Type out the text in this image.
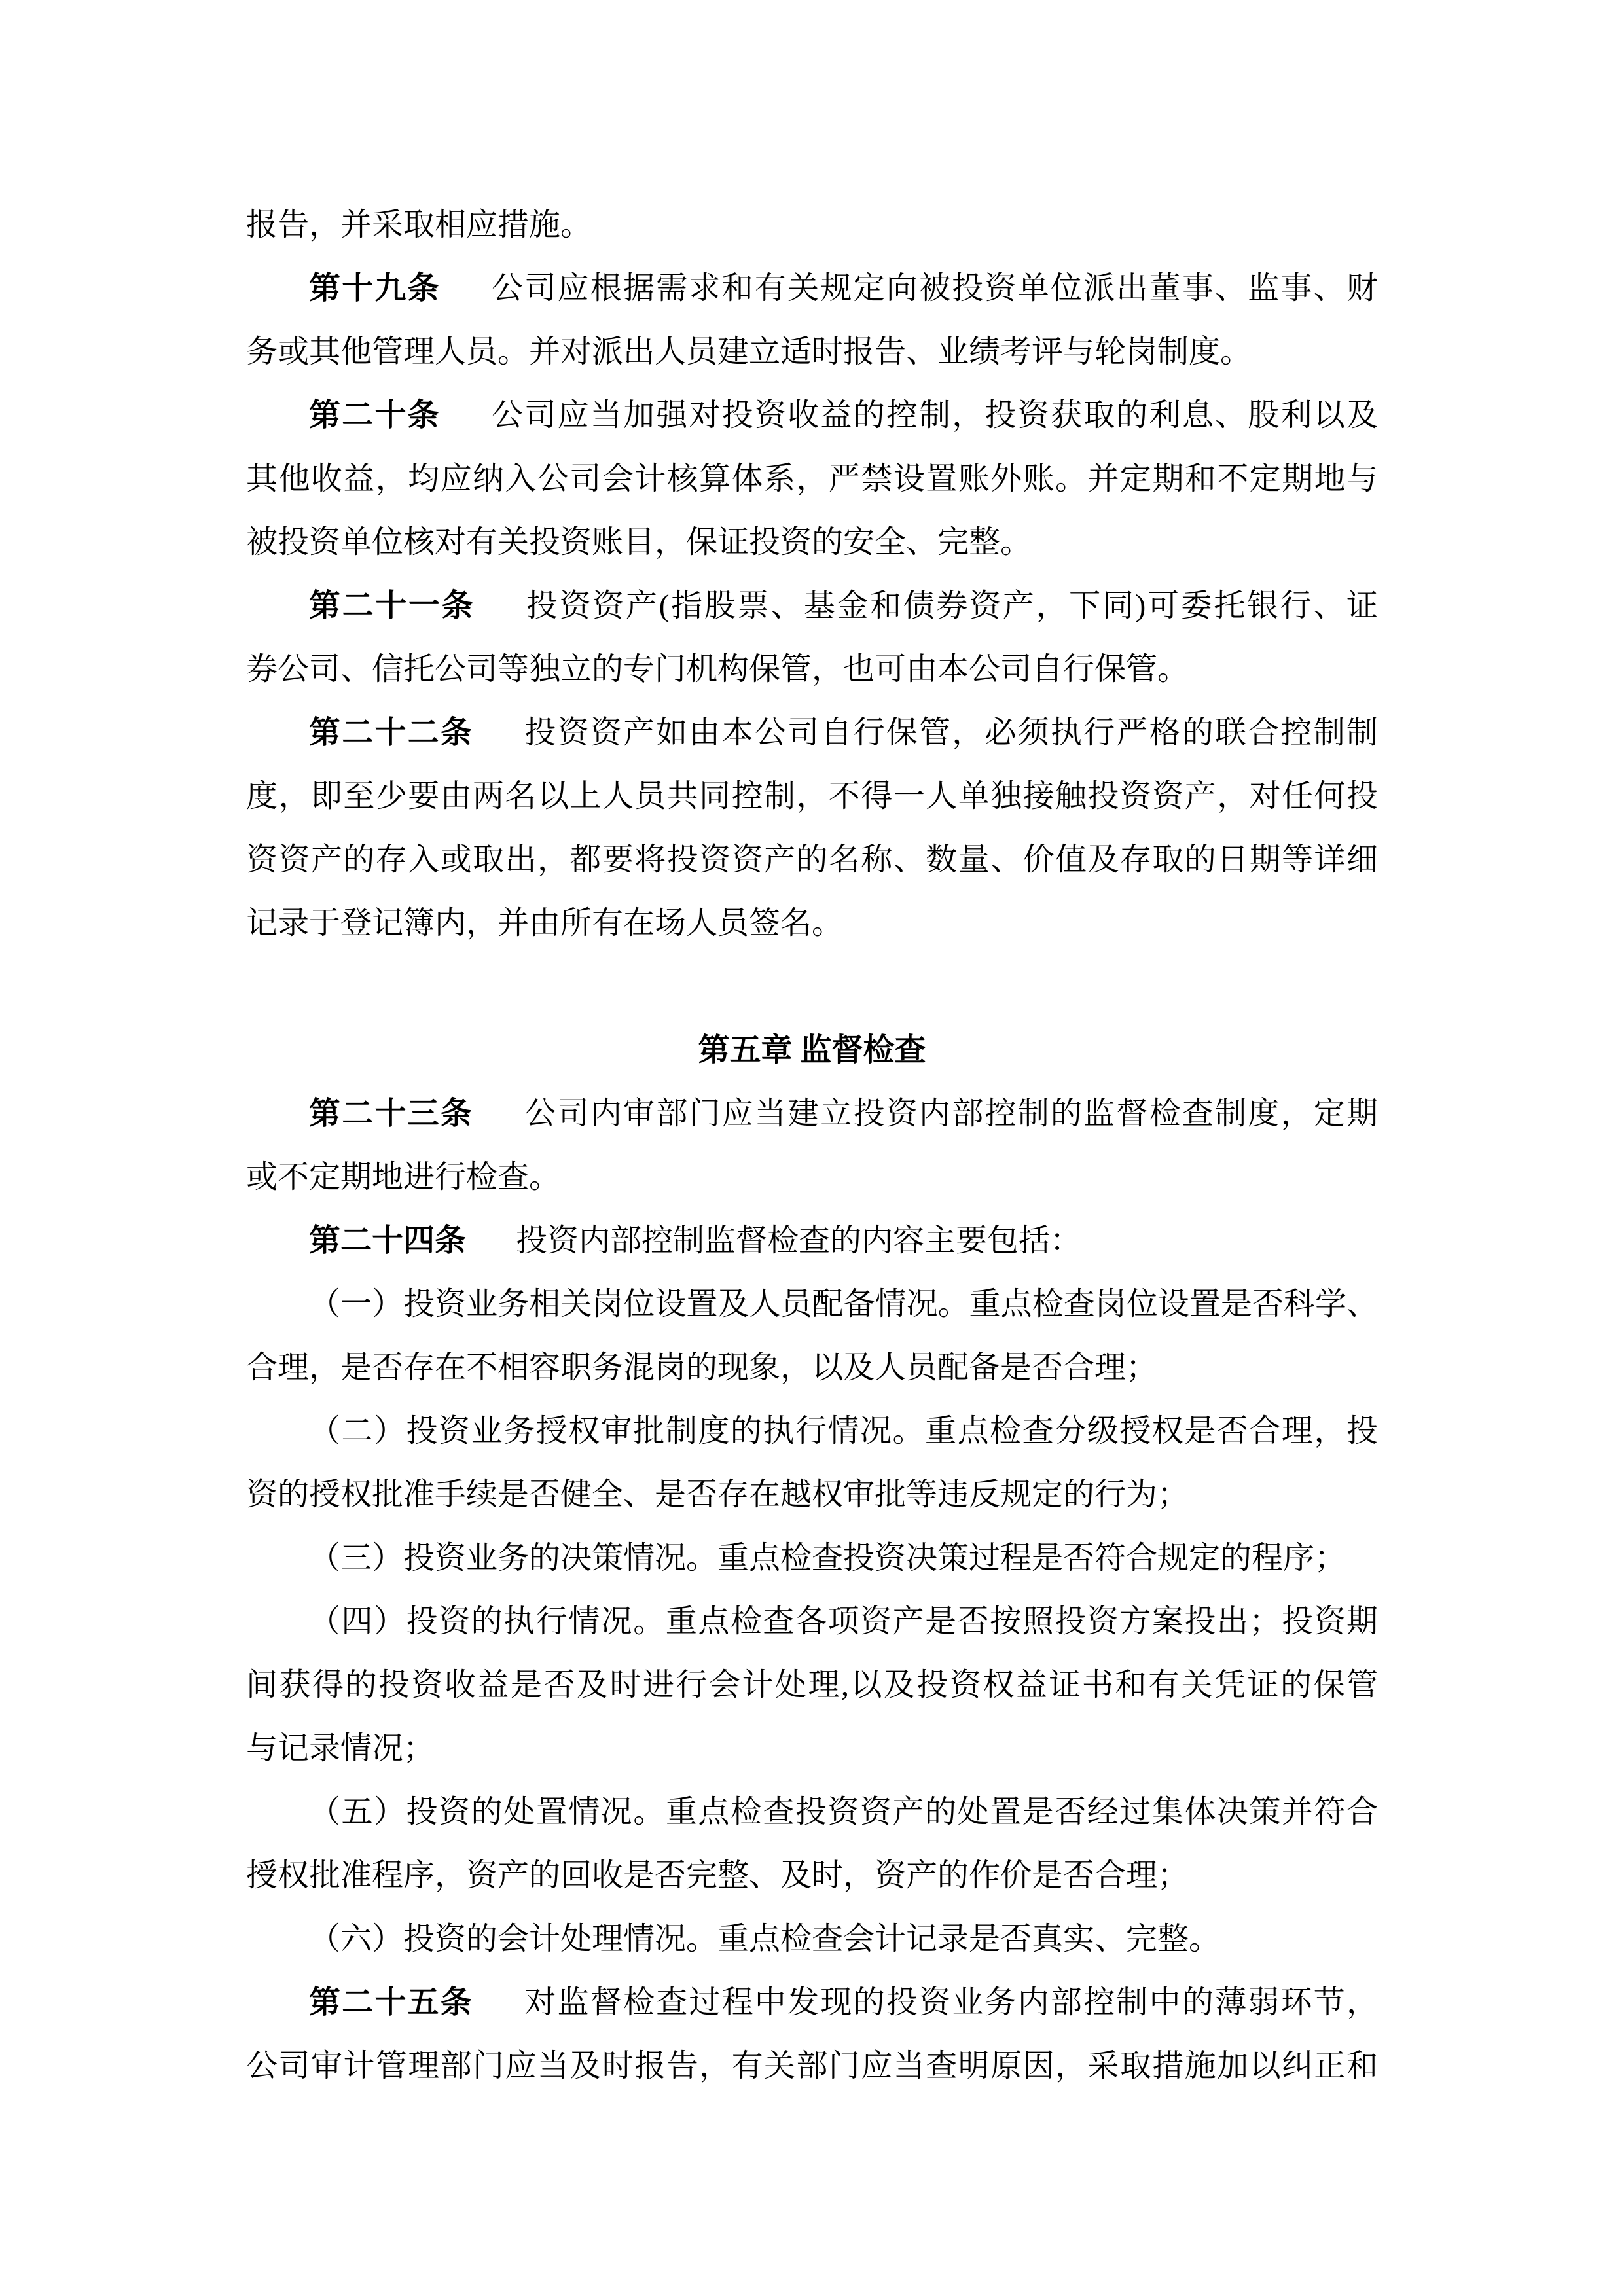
报告，并采取相应措施。
第十九条 公司应根据需求和有关规定向被投资单位派出董事、监事、财
务或其他管理人员。并对派出人员建立适时报告、业绩考评与轮岗制度。
第二十条 公司应当加强对投资收益的控制，投资获取的利息、股利以及
其他收益，均应纳入公司会计核算体系，严禁设置账外账。并定期和不定期地与
被投资单位核对有关投资账目，保证投资的安全、完整。
第二十一条 投资资产(指股票、基金和债券资产，下同)可委托银行、证
券公司、信托公司等独立的专门机构保管，也可由本公司自行保管。
第二十二条 投资资产如由本公司自行保管，必须执行严格的联合控制制
度，即至少要由两名以上人员共同控制，不得一人单独接触投资资产，对任何投
资资产的存入或取出，都要将投资资产的名称、数量、价值及存取的日期等详细
记录于登记簿内，并由所有在场人员签名。
第五章 监督检查
第二十三条 公司内审部门应当建立投资内部控制的监督检查制度，定期
或不定期地进行检查。
第二十四条 投资内部控制监督检查的内容主要包括：
（一）投资业务相关岗位设置及人员配备情况。重点检查岗位设置是否科学、
合理，是否存在不相容职务混岗的现象，以及人员配备是否合理；
（二）投资业务授权审批制度的执行情况。重点检查分级授权是否合理，投
资的授权批准手续是否健全、是否存在越权审批等违反规定的行为；
（三）投资业务的决策情况。重点检查投资决策过程是否符合规定的程序；
（四）投资的执行情况。重点检查各项资产是否按照投资方案投出；投资期
间获得的投资收益是否及时进行会计处理,以及投资权益证书和有关凭证的保管
与记录情况；
（五）投资的处置情况。重点检查投资资产的处置是否经过集体决策并符合
授权批准程序，资产的回收是否完整、及时，资产的作价是否合理；
（六）投资的会计处理情况。重点检查会计记录是否真实、完整。
第二十五条 对监督检查过程中发现的投资业务内部控制中的薄弱环节，
公司审计管理部门应当及时报告，有关部门应当查明原因，采取措施加以纠正和
